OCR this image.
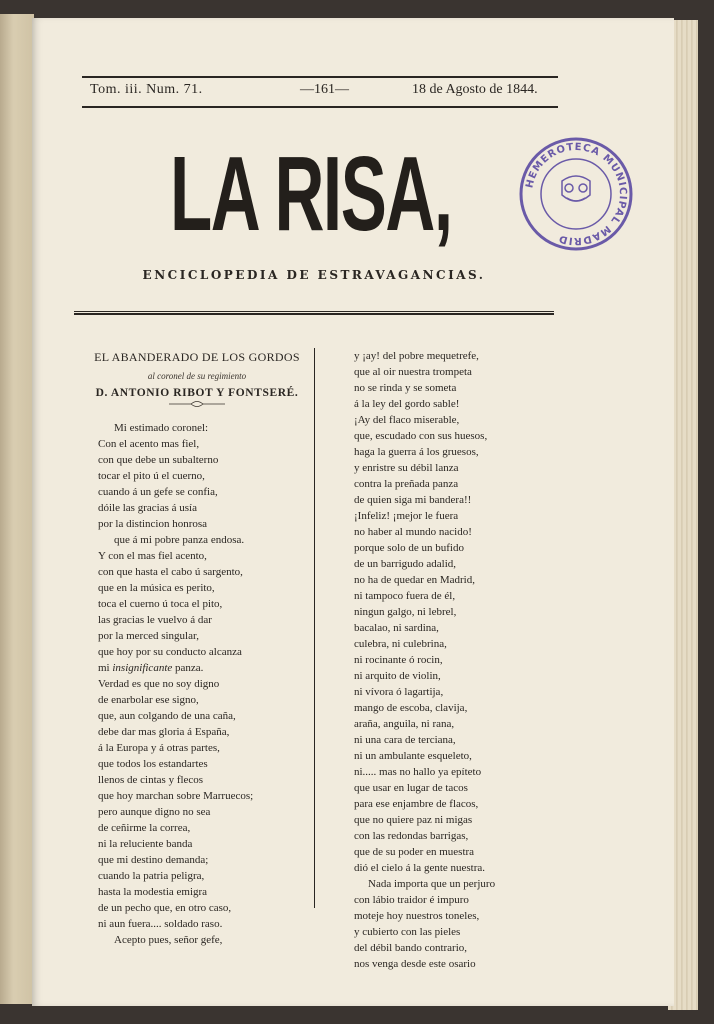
Tom. iii. Num. 71.	—161—	18 de Agosto de 1844.
LA RISA,
ENCICLOPEDIA DE ESTRAVAGANCIAS.
HEMEROTECA MUNICIPAL MADRID
EL ABANDERADO DE LOS GORDOS
al coronel de su regimiento
D. ANTONIO RIBOT Y FONTSERÉ.
Mi estimado coronel:
Con el acento mas fiel,
con que debe un subalterno
tocar el pito ú el cuerno,
cuando á un gefe se confia,
dóile las gracias á usía
por la distincion honrosa
que á mi pobre panza endosa.
Y con el mas fiel acento,
con que hasta el cabo ú sargento,
que en la música es perito,
toca el cuerno ú toca el pito,
las gracias le vuelvo á dar
por la merced singular,
que hoy por su conducto alcanza
mi insignificante panza.
Verdad es que no soy digno
de enarbolar ese signo,
que, aun colgando de una caña,
debe dar mas gloria á España,
á la Europa y á otras partes,
que todos los estandartes
llenos de cintas y flecos
que hoy marchan sobre Marruecos;
pero aunque digno no sea
de ceñirme la correa,
ni la reluciente banda
que mi destino demanda;
cuando la patria peligra,
hasta la modestia emigra
de un pecho que, en otro caso,
ni aun fuera.... soldado raso.
Acepto pues, señor gefe,
y ¡ay! del pobre mequetrefe,
que al oir nuestra trompeta
no se rinda y se someta
á la ley del gordo sable!
¡Ay del flaco miserable,
que, escudado con sus huesos,
haga la guerra á los gruesos,
y enristre su débil lanza
contra la preñada panza
de quien siga mi bandera!!
¡Infeliz! ¡mejor le fuera
no haber al mundo nacido!
porque solo de un bufido
de un barrigudo adalid,
no ha de quedar en Madrid,
ni tampoco fuera de él,
ningun galgo, ni lebrel,
bacalao, ni sardina,
culebra, ni culebrina,
ni rocinante ó rocin,
ni arquito de violin,
ni vívora ó lagartija,
mango de escoba, clavija,
araña, anguila, ni rana,
ni una cara de terciana,
ni un ambulante esqueleto,
ni..... mas no hallo ya epíteto
que usar en lugar de tacos
para ese enjambre de flacos,
que no quiere paz ni migas
con las redondas barrigas,
que de su poder en muestra
dió el cielo á la gente nuestra.
Nada importa que un perjuro
con lábio traidor é impuro
moteje hoy nuestros toneles,
y cubierto con las pieles
del débil bando contrario,
nos venga desde este osario
